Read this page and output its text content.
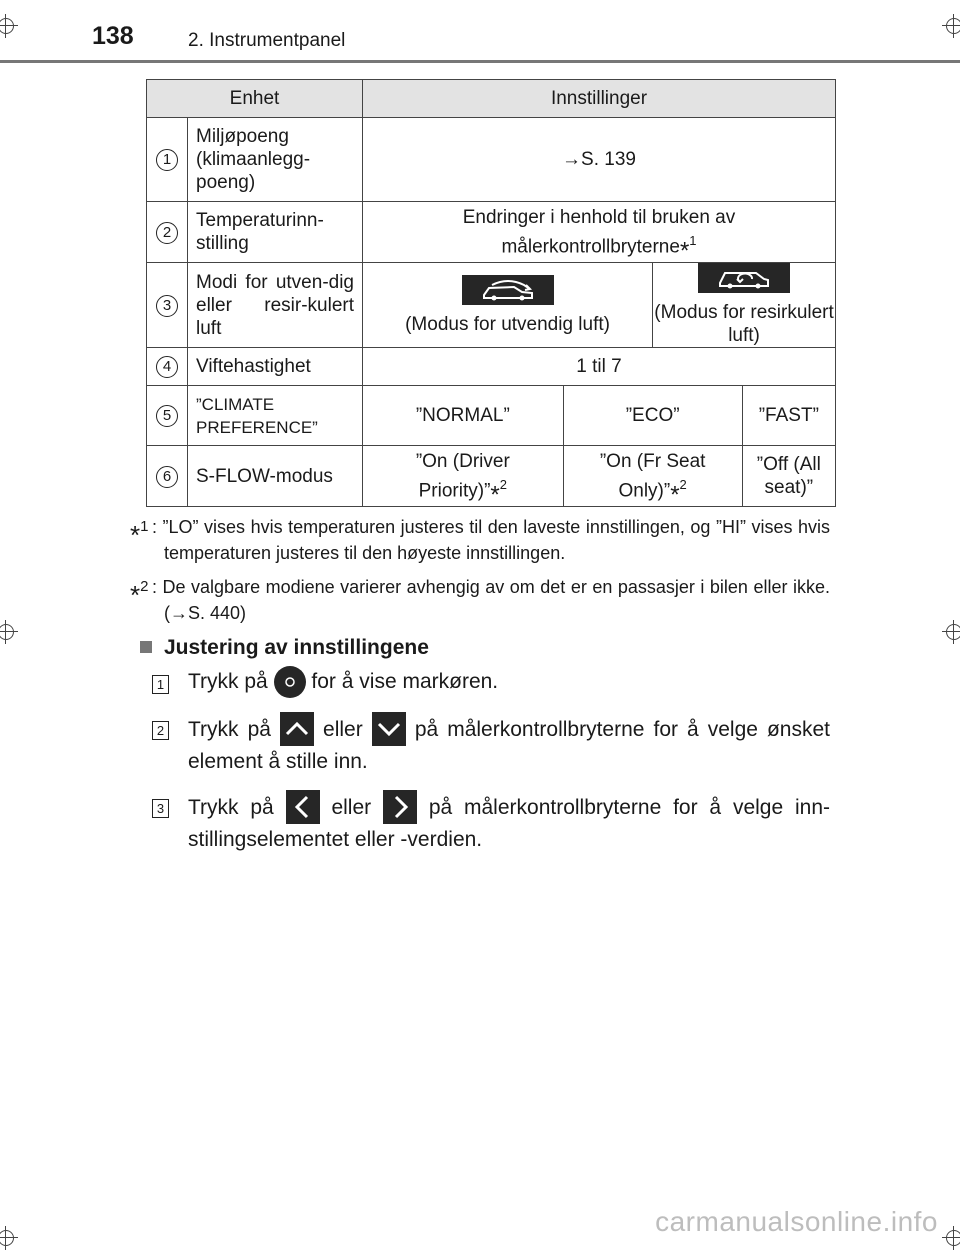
138	2. Instrumentpanel
Enhet		Innstillinger			
1	Miljøpoeng (klimaanlegg-poeng)	→S. 139			
2	Temperaturinn-stilling	Endringer i henhold til bruken av målerkontrollbryterne*$^1$
3	Modi for utven-dig eller resir-kulert luft	(Modus for utvendig luft)		(Modus for resirkulert luft)	
4	Viftehastighet	1 til 7			
5	”CLIMATE PREFERENCE”	”NORMAL”	”ECO”		”FAST”
6	S-FLOW-modus	”On (Driver Priority)”*$^2$	”On (Fr Seat Only)”*$^2$		”Off (All seat)”
*$^1$ : ”LO” vises hvis temperaturen justeres til den laveste innstillingen, og ”HI” vises hvis temperaturen justeres til den høyeste innstillingen.
*$^2$ : De valgbare modiene varierer avhengig av om det er en passasjer i bilen eller ikke. (→S. 440)
Justering av innstillingene
1 Trykk på for å vise markøren.
2 Trykk på eller på målerkontrollbryterne for å velge ønsket element å stille inn.
3 Trykk på	eller	på målerkontrollbryterne for å velge inn-stillingselementet eller -verdien.
carmanualsonline.info
